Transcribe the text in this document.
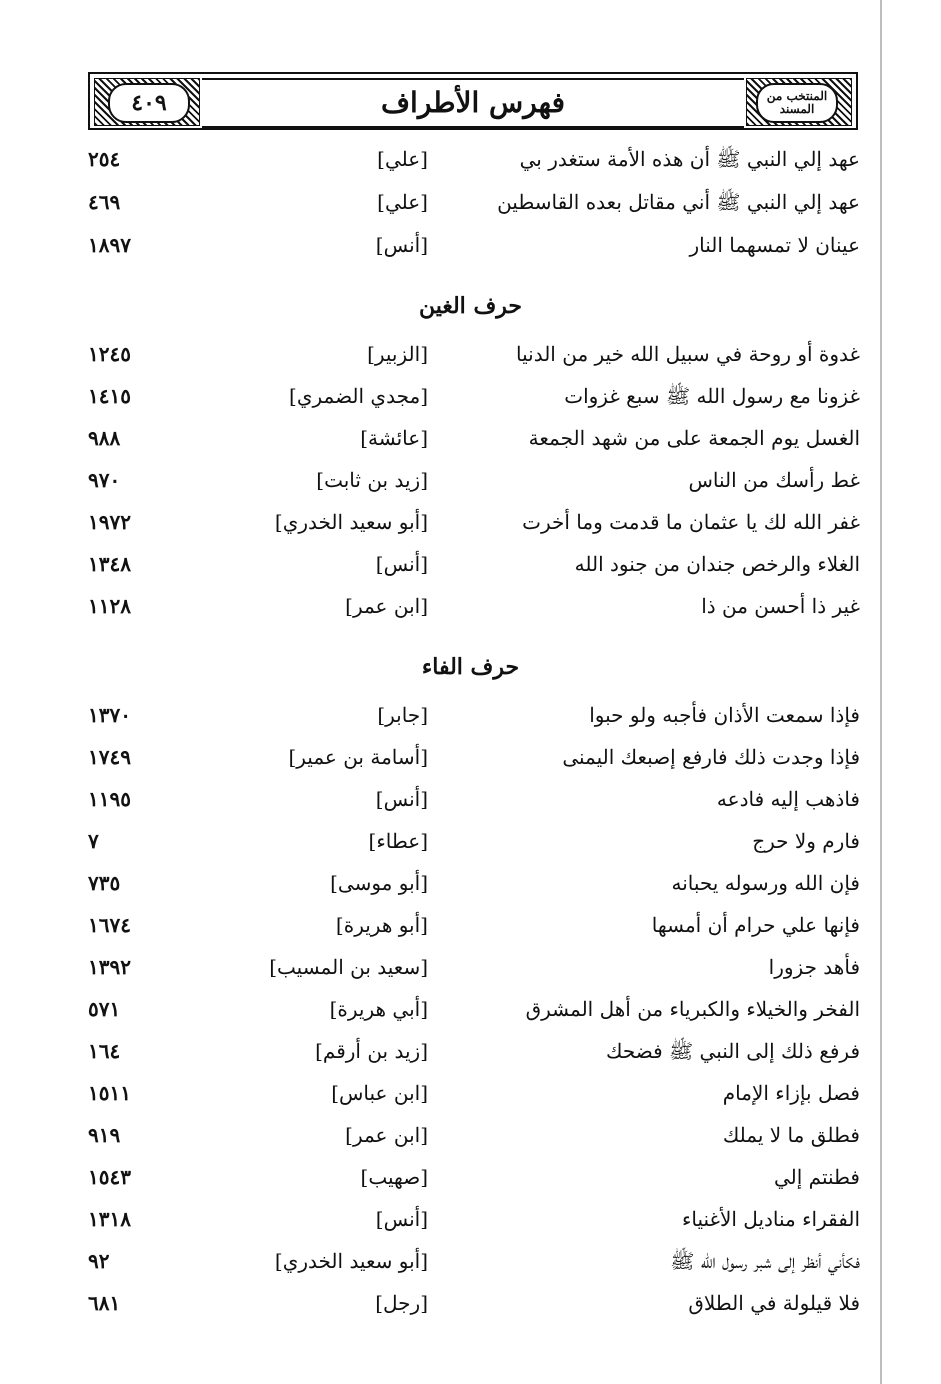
٤٠٩	المنتخب من المسند
فهرس الأطراف
عهد إلي النبي ﷺ أن هذه الأمة ستغدر بي
[علي]
٢٥٤
عهد إلي النبي ﷺ أني مقاتل بعده القاسطين
[علي]
٤٦٩
عينان لا تمسهما النار
[أنس]
١٨٩٧
حرف الغين
غدوة أو روحة في سبيل الله خير من الدنيا
[الزبير]
١٢٤٥
غزونا مع رسول الله ﷺ سبع غزوات
[مجدي الضمري]
١٤١٥
الغسل يوم الجمعة على من شهد الجمعة
[عائشة]
٩٨٨
غط رأسك من الناس
[زيد بن ثابت]
٩٧٠
غفر الله لك يا عثمان ما قدمت وما أخرت
[أبو سعيد الخدري]
١٩٧٢
الغلاء والرخص جندان من جنود الله
[أنس]
١٣٤٨
غير ذا أحسن من ذا
[ابن عمر]
١١٢٨
حرف الفاء
فإذا سمعت الأذان فأجبه ولو حبوا
[جابر]
١٣٧٠
فإذا وجدت ذلك فارفع إصبعك اليمنى
[أسامة بن عمير]
١٧٤٩
فاذهب إليه فادعه
[أنس]
١١٩٥
فارم ولا حرج
[عطاء]
٧
فإن الله ورسوله يحبانه
[أبو موسى]
٧٣٥
فإنها علي حرام أن أمسها
[أبو هريرة]
١٦٧٤
فأهد جزورا
[سعيد بن المسيب]
١٣٩٢
الفخر والخيلاء والكبرياء من أهل المشرق
[أبي هريرة]
٥٧١
فرفع ذلك إلى النبي ﷺ فضحك
[زيد بن أرقم]
١٦٤
فصل بإزاء الإمام
[ابن عباس]
١٥١١
فطلق ما لا يملك
[ابن عمر]
٩١٩
فطنتم إلي
[صهيب]
١٥٤٣
الفقراء مناديل الأغنياء
[أنس]
١٣١٨
فكأني أنظر إلى شبر رسول الله ﷺ
[أبو سعيد الخدري]
٩٢
فلا قيلولة في الطلاق
[رجل]
٦٨١
